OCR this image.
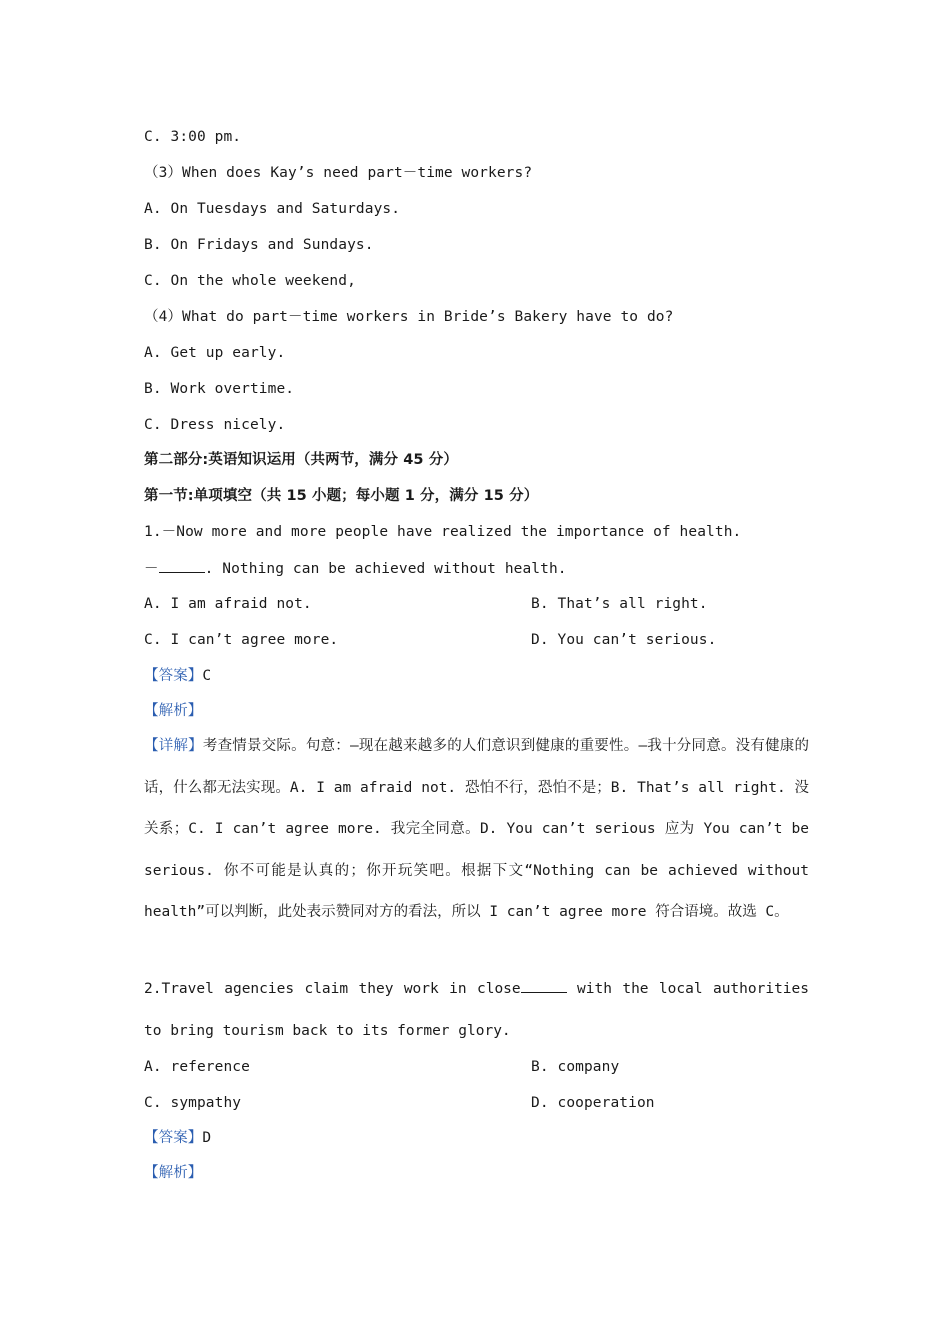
C. 3:00 pm.
（3）When does Kay’s need part－time workers?
A. On Tuesdays and Saturdays.
B. On Fridays and Sundays.
C. On the whole weekend,
（4）What do part－time workers in Bride’s Bakery have to do?
A. Get up early.
B. Work overtime.
C. Dress nicely.
第二部分:英语知识运用（共两节，满分 45 分）
第一节:单项填空（共 15 小题；每小题 1 分，满分 15 分）
1.－Now more and more people have realized the importance of health.
－	. Nothing can be achieved without health.
A. I am afraid not.	B. That’s all right.
C. I can’t agree more.	D. You can’t serious.
【答案】C
【解析】
【详解】考查情景交际。句意：—现在越来越多的人们意识到健康的重要性。—我十分同意。没有健康的话，什么都无法实现。A. I am afraid not. 恐怕不行，恐怕不是；B. That’s all right. 没关系；C. I can’t agree more. 我完全同意。D. You can’t serious 应为 You can’t be serious. 你不可能是认真的；你开玩笑吧。根据下文“Nothing can be achieved without health”可以判断，此处表示赞同对方的看法，所以 I can’t agree more 符合语境。故选 C。
2.Travel agencies claim they work in close	with the local authorities to bring tourism back to its former glory.
A. reference	B. company
C. sympathy	D. cooperation
【答案】D
【解析】
